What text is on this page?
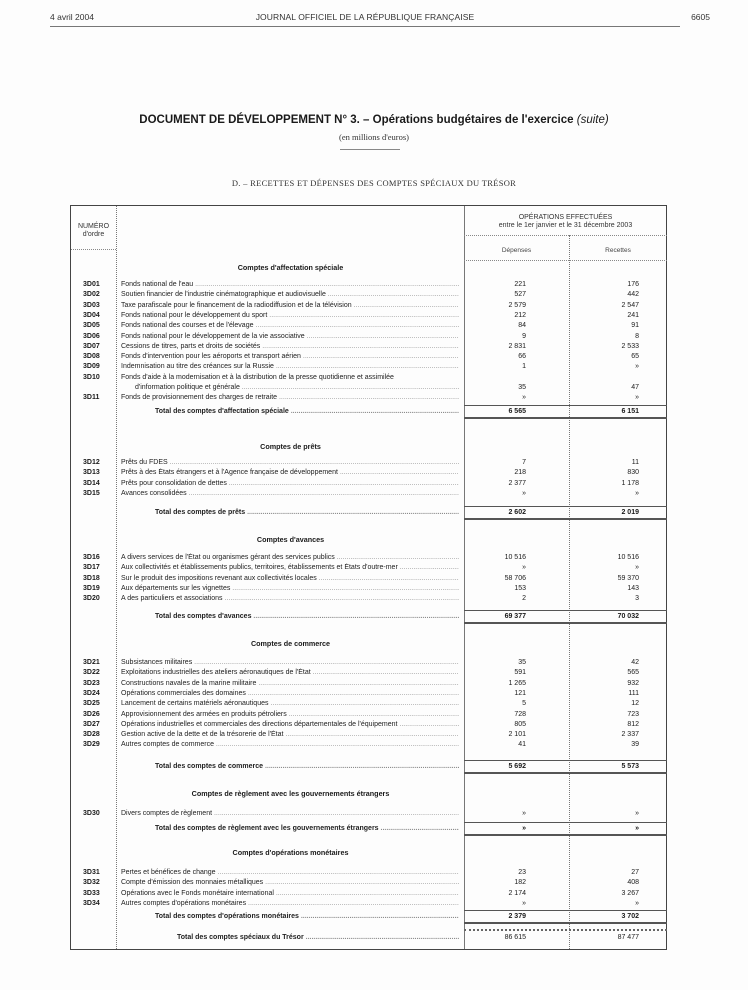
4 avril 2004	JOURNAL OFFICIEL DE LA RÉPUBLIQUE FRANÇAISE	6605
DOCUMENT DE DÉVELOPPEMENT N° 3. – Opérations budgétaires de l'exercice (suite)
(en millions d'euros)
D. – RECETTES ET DÉPENSES DES COMPTES SPÉCIAUX DU TRÉSOR
NUMÉRO
d'ordre
OPÉRATIONS EFFECTUÉES
entre le 1er janvier et le 31 décembre 2003
Dépenses	Recettes
Comptes d'affectation spéciale
3D01	Fonds national de l'eau .....	221	176
3D02	Soutien financier de l'industrie cinématographique et audiovisuelle .....	527	442
3D03	Taxe parafiscale pour le financement de la radiodiffusion et de la télévision .....	2 579	2 547
3D04	Fonds national pour le développement du sport .....	212	241
3D05	Fonds national des courses et de l'élevage .....	84	91
3D06	Fonds national pour le développement de la vie associative .....	9	8
3D07	Cessions de titres, parts et droits de sociétés .....	2 831	2 533
3D08	Fonds d'intervention pour les aéroports et transport aérien .....	66	65
3D09	Indemnisation au titre des créances sur la Russie .....	1	»
3D10	Fonds d'aide à la modernisation et à la distribution de la presse quotidienne et assimilée
d'information politique et générale .....	35	47
3D11	Fonds de provisionnement des charges de retraite .....	»	»
Total des comptes d'affectation spéciale .....	6 565	6 151
Comptes de prêts
3D12	Prêts du FDES .....	7	11
3D13	Prêts à des États étrangers et à l'Agence française de développement .....	218	830
3D14	Prêts pour consolidation de dettes .....	2 377	1 178
3D15	Avances consolidées .....	»	»
Total des comptes de prêts .....	2 602	2 019
Comptes d'avances
3D16	A divers services de l'État ou organismes gérant des services publics .....	10 516	10 516
3D17	Aux collectivités et établissements publics, territoires, établissements et États d'outre-mer .....	»	»
3D18	Sur le produit des impositions revenant aux collectivités locales .....	58 706	59 370
3D19	Aux départements sur les vignettes .....	153	143
3D20	A des particuliers et associations .....	2	3
Total des comptes d'avances .....	69 377	70 032
Comptes de commerce
3D21	Subsistances militaires .....	35	42
3D22	Exploitations industrielles des ateliers aéronautiques de l'État .....	591	565
3D23	Constructions navales de la marine militaire .....	1 265	932
3D24	Opérations commerciales des domaines .....	121	111
3D25	Lancement de certains matériels aéronautiques .....	5	12
3D26	Approvisionnement des armées en produits pétroliers .....	728	723
3D27	Opérations industrielles et commerciales des directions départementales de l'équipement .....	805	812
3D28	Gestion active de la dette et de la trésorerie de l'État .....	2 101	2 337
3D29	Autres comptes de commerce .....	41	39
Total des comptes de commerce .....	5 692	5 573
Comptes de règlement avec les gouvernements étrangers
3D30	Divers comptes de règlement .....	»	»
Total des comptes de règlement avec les gouvernements étrangers .....	»	»
Comptes d'opérations monétaires
3D31	Pertes et bénéfices de change .....	23	27
3D32	Compte d'émission des monnaies métalliques .....	182	408
3D33	Opérations avec le Fonds monétaire international .....	2 174	3 267
3D34	Autres comptes d'opérations monétaires .....	»	»
Total des comptes d'opérations monétaires .....	2 379	3 702
Total des comptes spéciaux du Trésor .....	86 615	87 477
